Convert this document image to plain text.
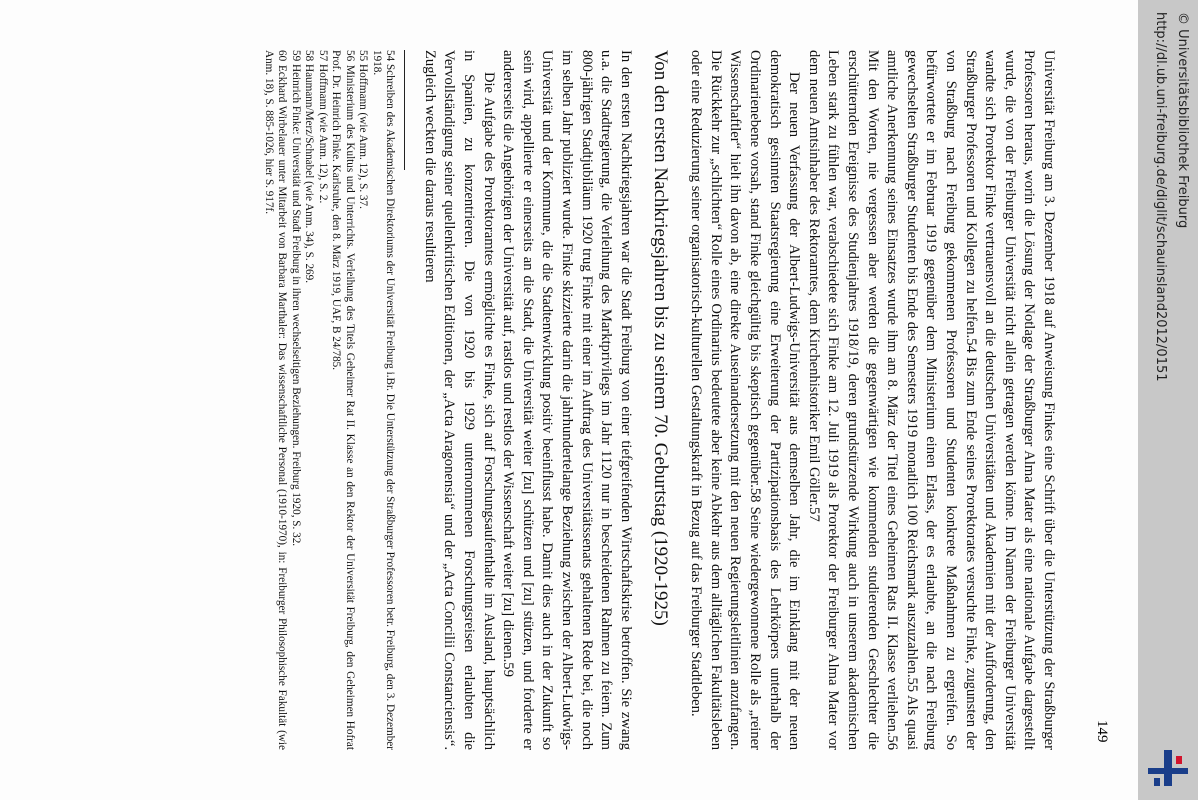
149

Universität Freiburg am 3. Dezember 1918 auf Anweisung Finkes eine Schrift über die Unterstützung der Straßburger Professoren heraus, worin die Lösung der Notlage der Straßburger Alma Mater als eine nationale Aufgabe dargestellt wurde, die von der Freiburger Universität nicht allein getragen werden könne. Im Namen der Freiburger Universität wandte sich Prorektor Finke vertrauensvoll an die deutschen Universitäten und Akademien mit der Aufforderung, den Straßburger Professoren und Kollegen zu helfen.54 Bis zum Ende seines Prorektorates versuchte Finke, zugunsten der von Straßburg nach Freiburg gekommenen Professoren und Studenten konkrete Maßnahmen zu ergreifen. So befürwortete er im Februar 1919 gegenüber dem Ministerium einen Erlass, der es erlaubte, an die nach Freiburg gewechselten Straßburger Studenten bis Ende des Semesters 1919 monatlich 100 Reichsmark auszuzahlen.55 Als quasi amtliche Anerkennung seines Einsatzes wurde ihm am 8. März der Titel eines Geheimen Rats II. Klasse verliehen.56 Mit den Worten, nie vergessen aber werden die gegenwärtigen wie kommenden studierenden Geschlechter die erschütternden Ereignisse des Studienjahres 1918/19, deren grundstürzende Wirkung auch in unserem akademischen Leben stark zu fühlen war, verabschiedete sich Finke am 12. Juli 1919 als Prorektor der Freiburger Alma Mater vor dem neuen Amtsinhaber des Rektoramtes, dem Kirchenhistoriker Emil Göller.57

Der neuen Verfassung der Albert-Ludwigs-Universität aus demselben Jahr, die im Einklang mit der neuen demokratisch gesinnten Staatsregierung eine Erweiterung der Partizipationsbasis des Lehrkörpers unterhalb der Ordinarienebene vorsah, stand Finke gleichgültig bis skeptisch gegenüber.58 Seine wiedergewonnene Rolle als „reiner Wissenschaftler“ hielt ihn davon ab, eine direkte Auseinandersetzung mit den neuen Regierungsleitlinien anzufangen. Die Rückkehr zur „schlichten“ Rolle eines Ordinarius bedeutete aber keine Abkehr aus dem alltäglichen Fakultätsleben oder eine Reduzierung seiner organisatorisch-kulturellen Gestaltungskraft in Bezug auf das Freiburger Stadtleben.

Von den ersten Nachkriegsjahren bis zu seinem 70. Geburtstag (1920-1925)

In den ersten Nachkriegsjahren war die Stadt Freiburg von einer tiefgreifenden Wirtschaftskrise betroffen. Sie zwang u.a. die Stadtregierung, die Verleihung des Marktprivilegs im Jahr 1120 nur in bescheidenen Rahmen zu feiern. Zum 800-jährigen Stadtjubiläum 1920 trug Finke mit einer im Auftrag des Universitätssenats gehaltenen Rede bei, die noch im selben Jahr publiziert wurde. Finke skizzierte darin die jahrhundertelange Beziehung zwischen der Albert-Ludwigs-Universität und der Kommune, die die Stadtentwicklung positiv beeinflusst habe. Damit dies auch in der Zukunft so sein wird, appellierte er einerseits an die Stadt, die Universität weiter [zu] schützen und [zu] stützen, und forderte er andererseits die Angehörigen der Universität auf, rastlos und restlos der Wissenschaft weiter [zu] dienen.59

Die Aufgabe des Prorektoramtes ermöglichte es Finke, sich auf Forschungsaufenthalte im Ausland, hauptsächlich in Spanien, zu konzentrieren. Die von 1920 bis 1929 unternommenen Forschungsreisen erlaubten die Vervollständigung seiner quellenkritischen Editionen, der „Acta Aragonensia“ und der „Acta Concilii Constanciensis“. Zugleich weckten die daraus resultieren

54 Schreiben des Akademischen Direktoriums der Universität Freiburg i.Br. Die Unterstützung der Straßburger Professoren betr. Freiburg, den 3. Dezember 1918.

55 Hoffmann (wie Anm. 12), S. 37.

56 Ministerium des Kultus und Unterrichts. Verleihung des Titels Geheimer Rat II. Klasse an den Rektor der Universität Freiburg, den Geheimen Hofrat Prof. Dr. Heinrich Finke. Karlsruhe, den 8. März 1919, UAF, B 24/785.

57 Hoffmann (wie Anm. 12), S. 2.

58 Haumann/Merz/Schnabel (wie Anm. 34), S. 269.

59 Heinrich Finke: Universität und Stadt Freiburg in ihren wechselseitigen Beziehungen. Freiburg 1920, S. 32.

60 Eckhard Wirbelauer unter Mitarbeit von Barbara Marthaler: Das wissenschaftliche Personal (1910-1970), in: Freiburger Philosophische Fakultät (wie Anm. 18), S. 885-1026, hier S. 917f.	http://dl.ub.uni-freiburg.de/diglit/schauinsland2012/0151 © Universitätsbibliothek Freiburg
